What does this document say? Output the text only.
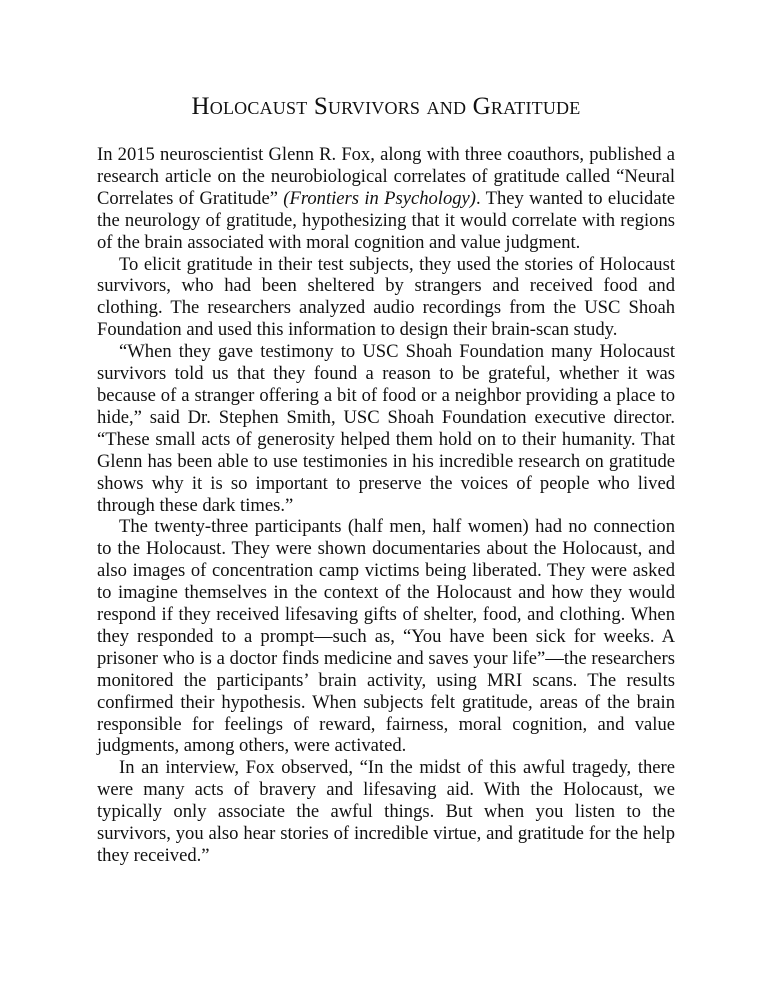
Holocaust Survivors and Gratitude

In 2015 neuroscientist Glenn R. Fox, along with three coauthors, published a research article on the neurobiological correlates of gratitude called “Neural Correlates of Gratitude” (Frontiers in Psychology). They wanted to elucidate the neurology of gratitude, hypothesizing that it would correlate with regions of the brain associated with moral cognition and value judgment.

To elicit gratitude in their test subjects, they used the stories of Holocaust survivors, who had been sheltered by strangers and received food and clothing. The researchers analyzed audio recordings from the USC Shoah Foundation and used this information to design their brain-scan study.

“When they gave testimony to USC Shoah Foundation many Holocaust survivors told us that they found a reason to be grateful, whether it was because of a stranger offering a bit of food or a neighbor providing a place to hide,” said Dr. Stephen Smith, USC Shoah Foundation executive director. “These small acts of generosity helped them hold on to their humanity. That Glenn has been able to use testimonies in his incredible research on gratitude shows why it is so important to preserve the voices of people who lived through these dark times.”

The twenty-three participants (half men, half women) had no connection to the Holocaust. They were shown documentaries about the Holocaust, and also images of concentration camp victims being liberated. They were asked to imagine themselves in the context of the Holocaust and how they would respond if they received lifesaving gifts of shelter, food, and clothing. When they responded to a prompt—such as, “You have been sick for weeks. A prisoner who is a doctor finds medicine and saves your life”—the researchers monitored the participants’ brain activity, using MRI scans. The results confirmed their hypothesis. When subjects felt gratitude, areas of the brain responsible for feelings of reward, fairness, moral cognition, and value judgments, among others, were activated.

In an interview, Fox observed, “In the midst of this awful tragedy, there were many acts of bravery and lifesaving aid. With the Holocaust, we typically only associate the awful things. But when you listen to the survivors, you also hear stories of incredible virtue, and gratitude for the help they received.”
